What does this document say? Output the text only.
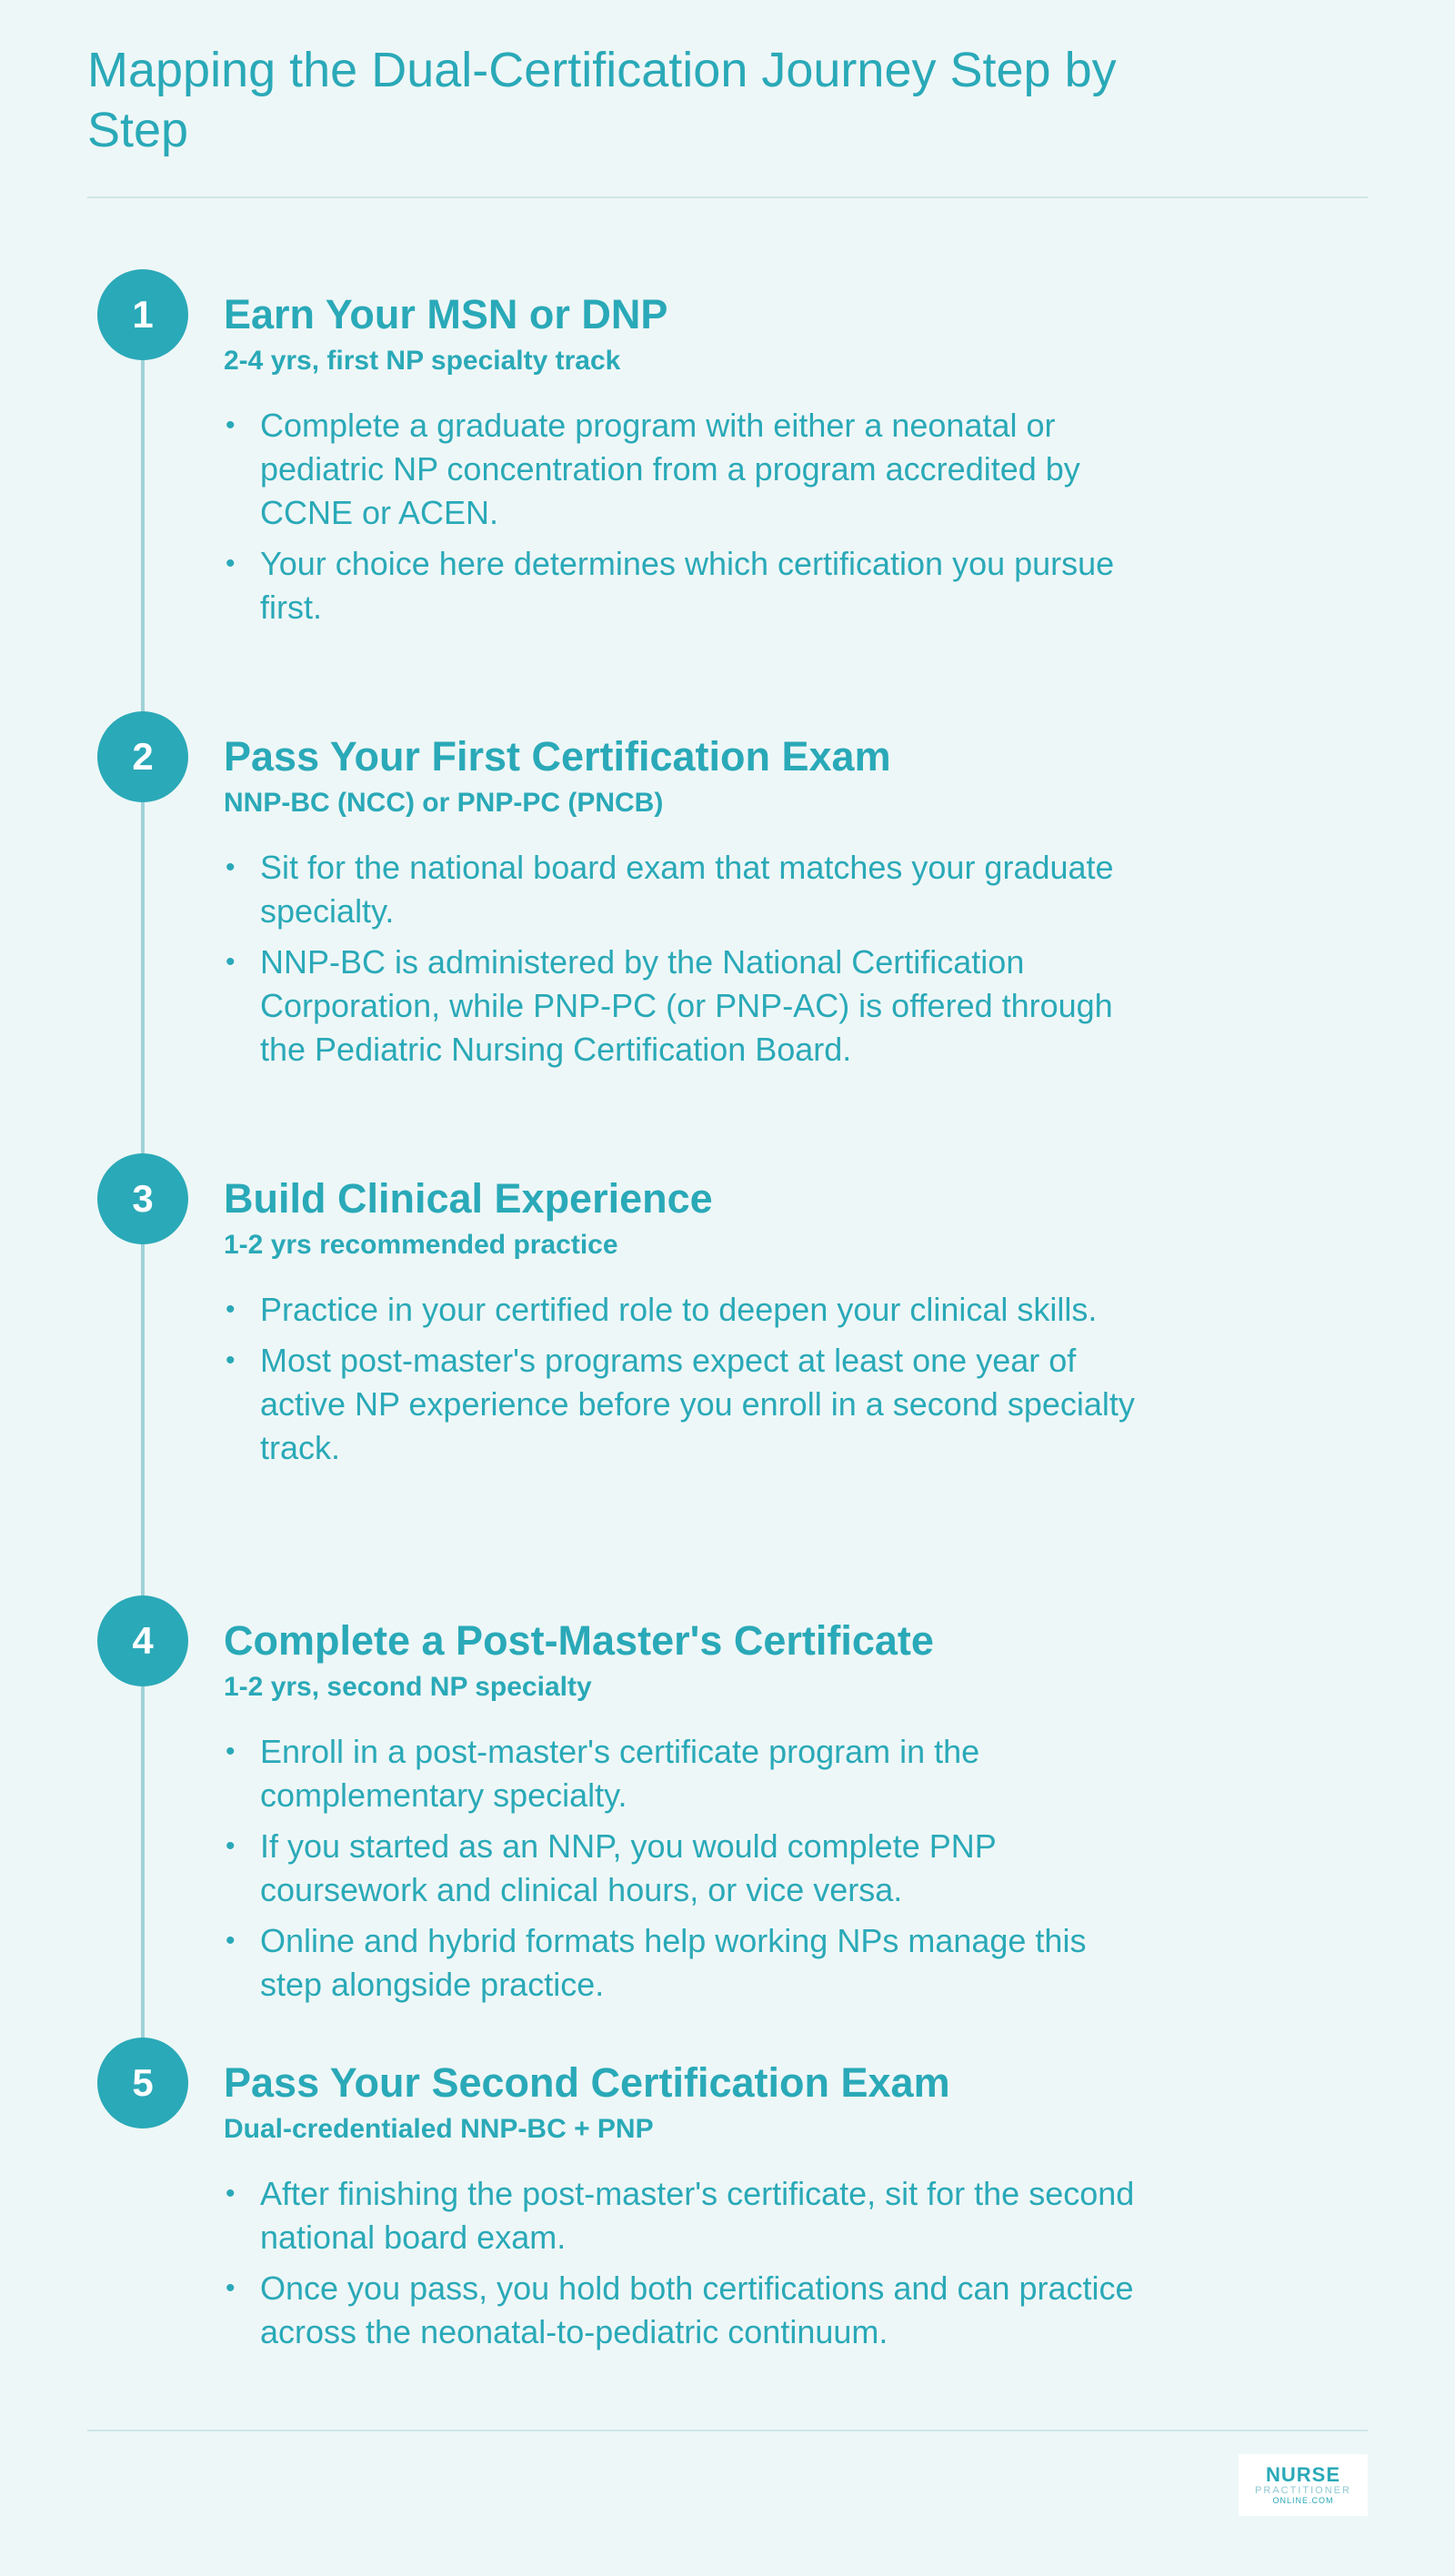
Mapping the Dual-Certification Journey Step by Step
1	Earn Your MSN or DNP
2-4 yrs, first NP specialty track
• Complete a graduate program with either a neonatal or pediatric NP concentration from a program accredited by CCNE or ACEN.
• Your choice here determines which certification you pursue first.
2	Pass Your First Certification Exam
NNP-BC (NCC) or PNP-PC (PNCB)
• Sit for the national board exam that matches your graduate specialty.
• NNP-BC is administered by the National Certification Corporation, while PNP-PC (or PNP-AC) is offered through the Pediatric Nursing Certification Board.
3	Build Clinical Experience
1-2 yrs recommended practice
• Practice in your certified role to deepen your clinical skills.
• Most post-master's programs expect at least one year of active NP experience before you enroll in a second specialty track.
4	Complete a Post-Master's Certificate
1-2 yrs, second NP specialty
• Enroll in a post-master's certificate program in the complementary specialty.
• If you started as an NNP, you would complete PNP coursework and clinical hours, or vice versa.
• Online and hybrid formats help working NPs manage this step alongside practice.
5	Pass Your Second Certification Exam
Dual-credentialed NNP-BC + PNP
• After finishing the post-master's certificate, sit for the second national board exam.
• Once you pass, you hold both certifications and can practice across the neonatal-to-pediatric continuum.
NURSE
PRACTITIONER
ONLINE.COM
